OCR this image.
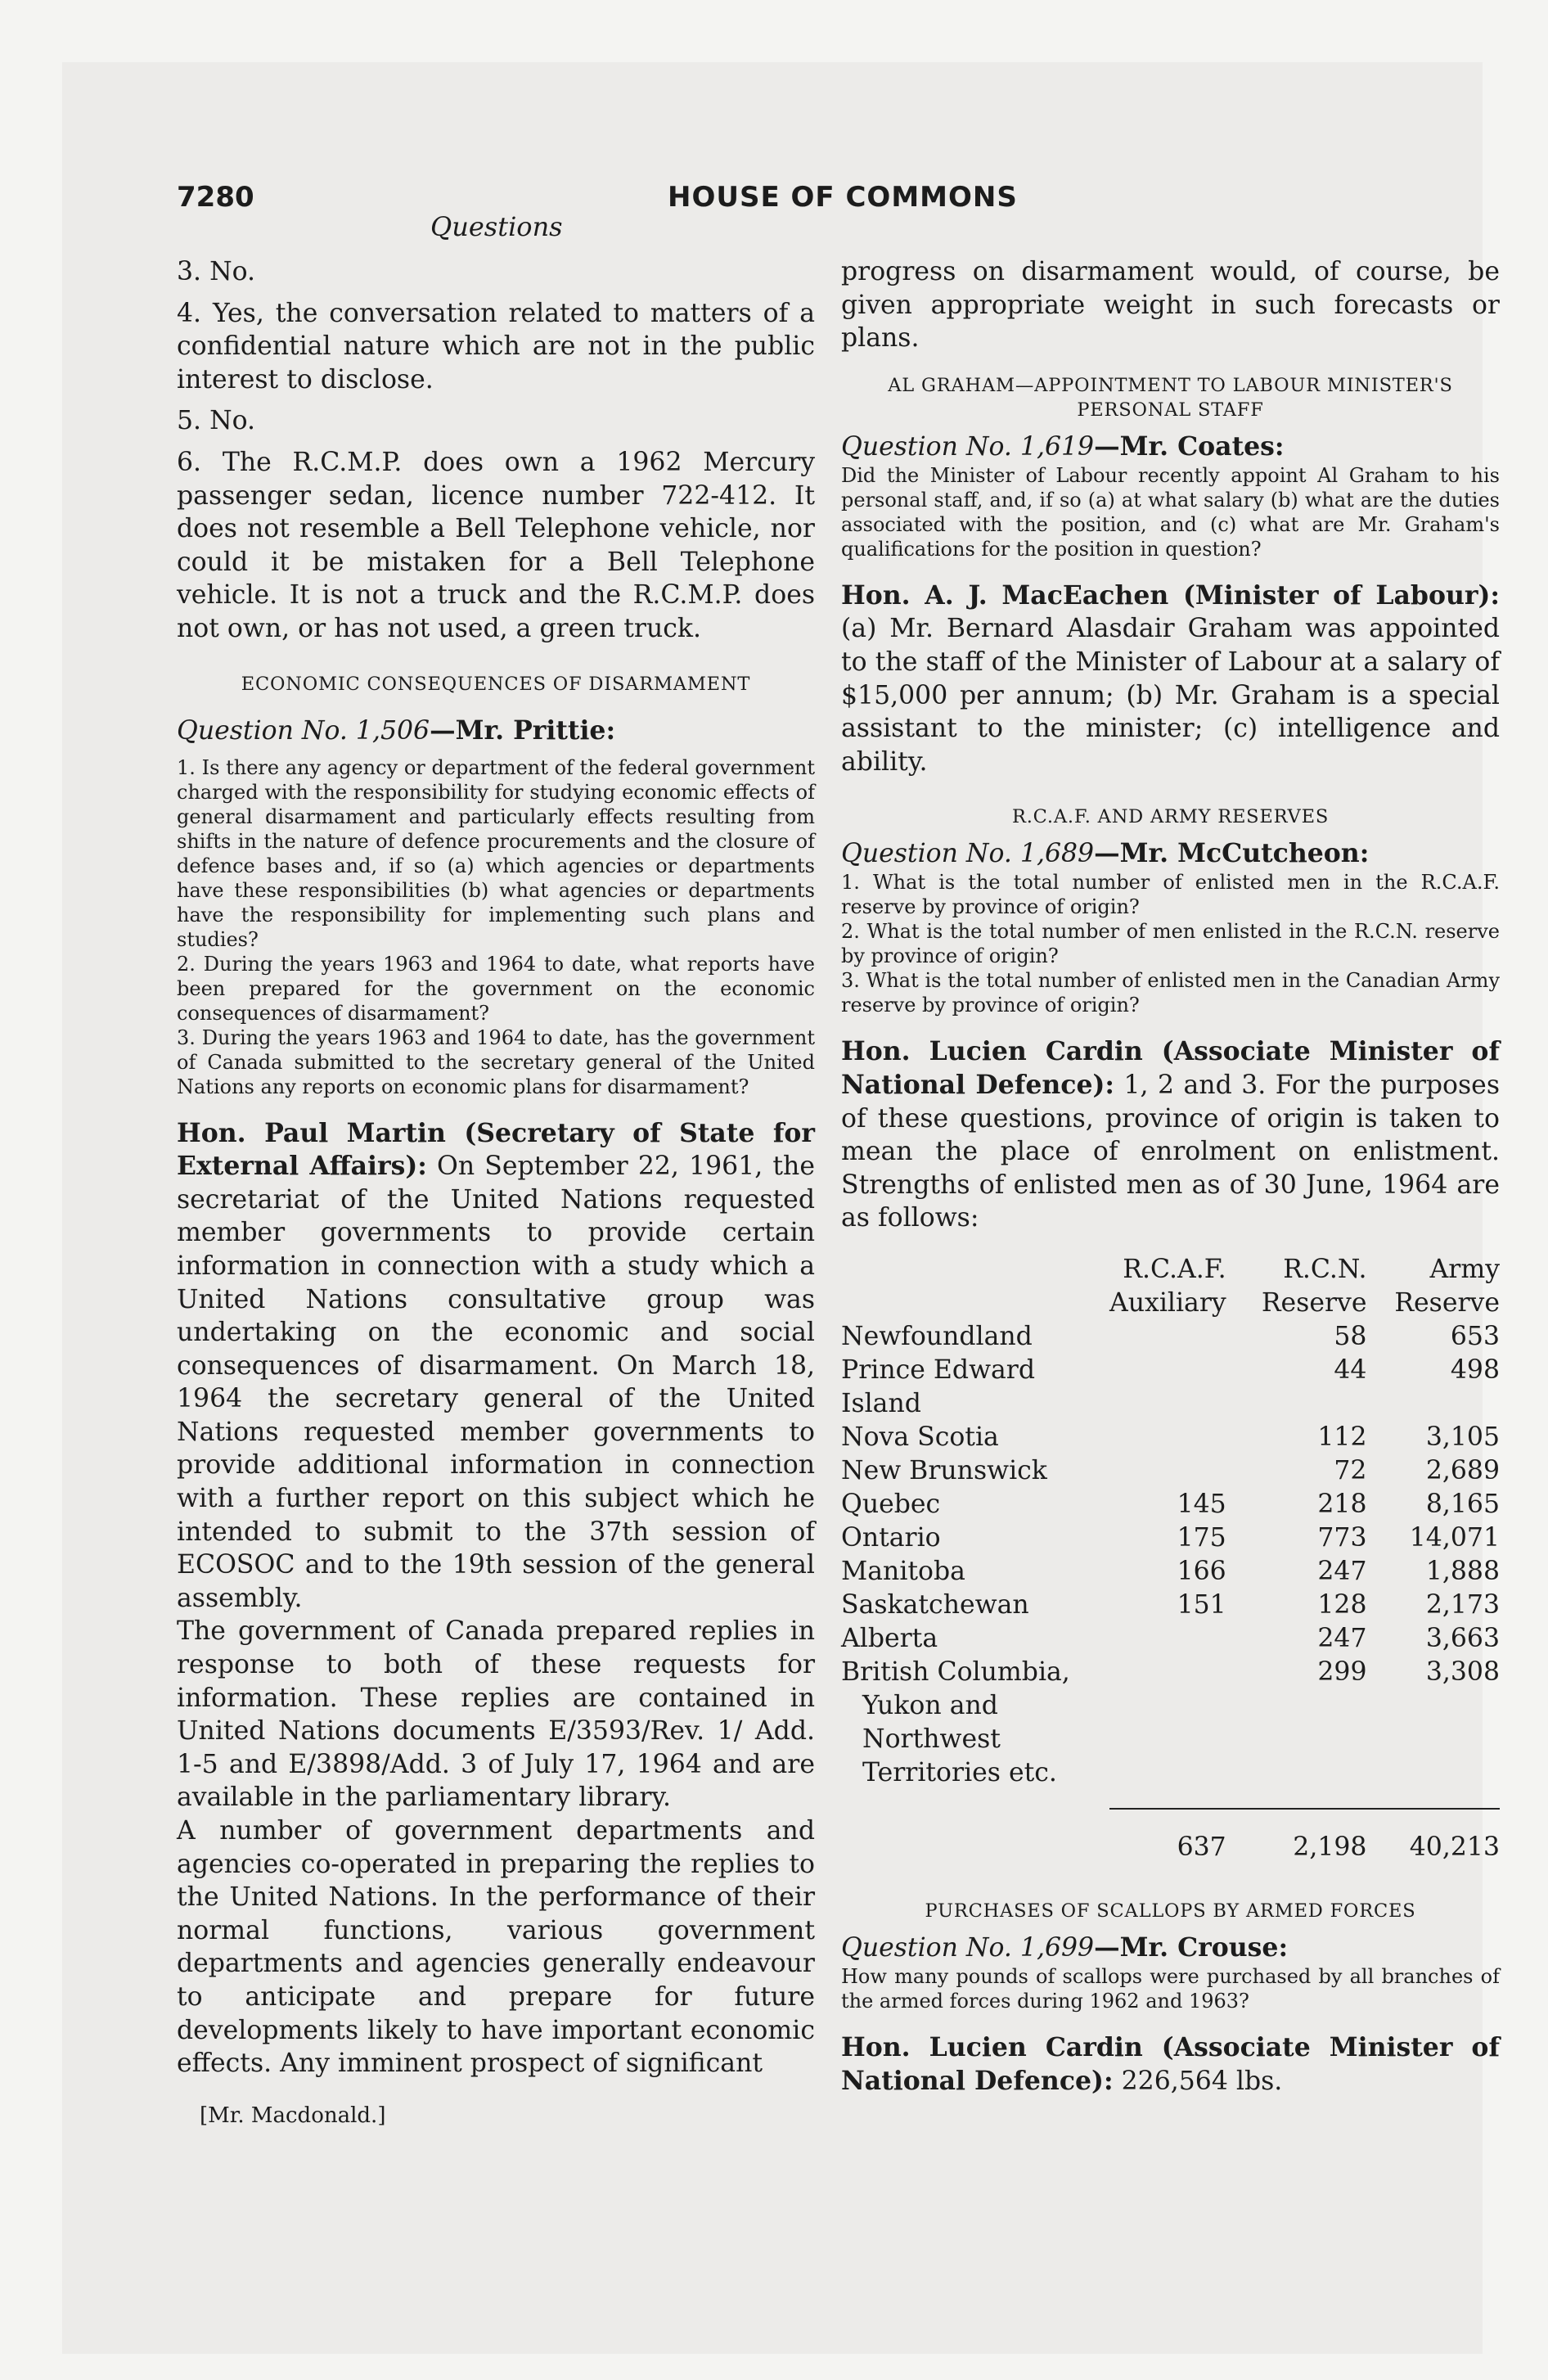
7280	HOUSE OF COMMONS
Questions

3. No.

4. Yes, the conversation related to matters of a confidential nature which are not in the public interest to disclose.

5. No.

6. The R.C.M.P. does own a 1962 Mercury passenger sedan, licence number 722-412. It does not resemble a Bell Telephone vehicle, nor could it be mistaken for a Bell Telephone vehicle. It is not a truck and the R.C.M.P. does not own, or has not used, a green truck.

ECONOMIC CONSEQUENCES OF DISARMAMENT

Question No. 1,506—Mr. Prittie:

1. Is there any agency or department of the federal government charged with the responsibility for studying economic effects of general disarmament and particularly effects resulting from shifts in the nature of defence procurements and the closure of defence bases and, if so (a) which agencies or departments have these responsibilities (b) what agencies or departments have the responsibility for implementing such plans and studies?

2. During the years 1963 and 1964 to date, what reports have been prepared for the government on the economic consequences of disarmament?

3. During the years 1963 and 1964 to date, has the government of Canada submitted to the secretary general of the United Nations any reports on economic plans for disarmament?

Hon. Paul Martin (Secretary of State for External Affairs): On September 22, 1961, the secretariat of the United Nations requested member governments to provide certain information in connection with a study which a United Nations consultative group was undertaking on the economic and social consequences of disarmament. On March 18, 1964 the secretary general of the United Nations requested member governments to provide additional information in connection with a further report on this subject which he intended to submit to the 37th session of ECOSOC and to the 19th session of the general assembly.

The government of Canada prepared replies in response to both of these requests for information. These replies are contained in United Nations documents E/3593/Rev. 1/ Add. 1-5 and E/3898/Add. 3 of July 17, 1964 and are available in the parliamentary library.

A number of government departments and agencies co-operated in preparing the replies to the United Nations. In the performance of their normal functions, various government departments and agencies generally endeavour to anticipate and prepare for future developments likely to have important economic effects. Any imminent prospect of significant

progress on disarmament would, of course, be given appropriate weight in such forecasts or plans.

AL GRAHAM—APPOINTMENT TO LABOUR MINISTER'S PERSONAL STAFF

Question No. 1,619—Mr. Coates:

Did the Minister of Labour recently appoint Al Graham to his personal staff, and, if so (a) at what salary (b) what are the duties associated with the position, and (c) what are Mr. Graham's qualifications for the position in question?

Hon. A. J. MacEachen (Minister of Labour): (a) Mr. Bernard Alasdair Graham was appointed to the staff of the Minister of Labour at a salary of $15,000 per annum; (b) Mr. Graham is a special assistant to the minister; (c) intelligence and ability.

R.C.A.F. AND ARMY RESERVES

Question No. 1,689—Mr. McCutcheon:

1. What is the total number of enlisted men in the R.C.A.F. reserve by province of origin?

2. What is the total number of men enlisted in the R.C.N. reserve by province of origin?

3. What is the total number of enlisted men in the Canadian Army reserve by province of origin?

Hon. Lucien Cardin (Associate Minister of National Defence): 1, 2 and 3. For the purposes of these questions, province of origin is taken to mean the place of enrolment on enlistment. Strengths of enlisted men as of 30 June, 1964 are as follows:

	R.C.A.F.	R.C.N.	Army
	Auxiliary	Reserve	Reserve
Newfoundland		58	653
Prince Edward Island		44	498
Nova Scotia		112	3,105
New Brunswick		72	2,689
Quebec	145	218	8,165
Ontario	175	773	14,071
Manitoba	166	247	1,888
Saskatchewan	151	128	2,173
Alberta		247	3,663
British Columbia,		299	3,308
Yukon and Northwest			
Territories etc.			

	637	2,198	40,213

PURCHASES OF SCALLOPS BY ARMED FORCES

Question No. 1,699—Mr. Crouse:

How many pounds of scallops were purchased by all branches of the armed forces during 1962 and 1963?

Hon. Lucien Cardin (Associate Minister of National Defence): 226,564 lbs.

[Mr. Macdonald.]
